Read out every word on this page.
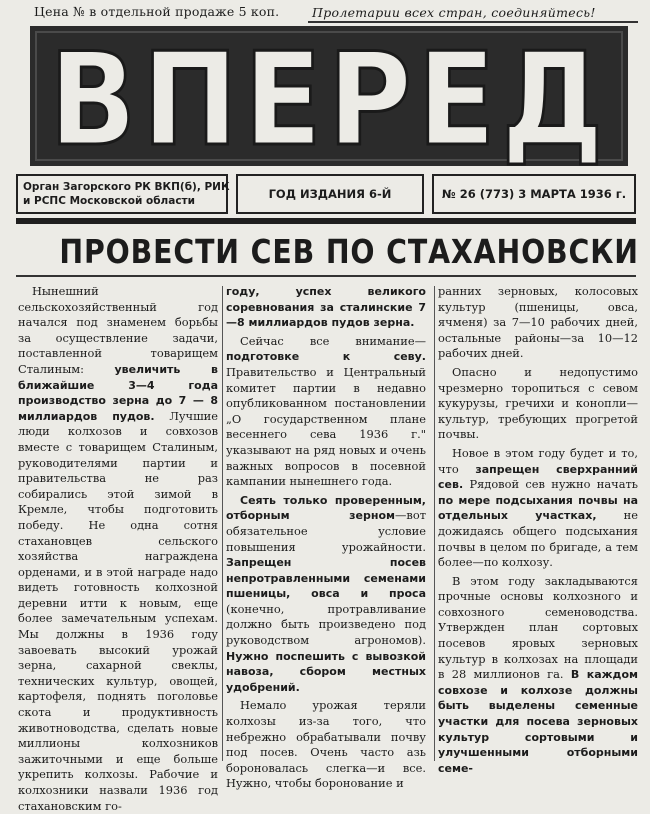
Цена № в отдельной продаже 5 коп.	Пролетарии всех стран, соединяйтесь!
ВПЕРЕД
Орган Загорского РК ВКП(б), РИК
и РСПС Московской области	ГОД ИЗДАНИЯ 6-Й	№ 26 (773) 3 МАРТА 1936 г.
ПРОВЕСТИ СЕВ ПО СТАХАНОВСКИ

Нынешний сельскохозяйственный год начался под знаменем борьбы за осуществление задачи, поставленной товарищем Сталиным: увеличить в ближайшие 3—4 года производство зерна до 7 — 8 миллиардов пудов. Лучшие люди колхозов и совхозов вместе с товарищем Сталиным, руководителями партии и правительства не раз собирались этой зимой в Кремле, чтобы подготовить победу. Не одна сотня стахановцев сельского хозяйства награждена орденами, и в этой награде надо видеть готовность колхозной деревни итти к новым, еще более замечательным успехам. Мы должны в 1936 году завоевать высокий урожай зерна, сахарной свеклы, технических культур, овощей, картофеля, поднять поголовье скота и продуктивность животноводства, сделать новые миллионы колхозников зажиточными и еще больше укрепить колхозы. Рабочие и колхозники назвали 1936 год стахановским го-

году, успех великого соревнования за сталинские 7—8 миллиардов пудов зерна.

Сейчас все внимание—подготовке к севу. Правительство и Центральный комитет партии в недавно опубликованном постановлении „О государственном плане весеннего сева 1936 г." указывают на ряд новых и очень важных вопросов в посевной кампании нынешнего года.

Сеять только проверенным, отборным зерном—вот обязательное условие повышения урожайности. Запрещен посев непротравленными семенами пшеницы, овса и проса (конечно, протравливание должно быть произведено под руководством агрономов). Нужно поспешить с вывозкой навоза, сбором местных удобрений.

Немало урожая теряли колхозы из-за того, что небрежно обрабатывали почву под посев. Очень часто азь бороновалась слегка—и все. Нужно, чтобы боронование и

ранних зерновых, колосовых культур (пшеницы, овса, ячменя) за 7—10 рабочих дней, остальные районы—за 10—12 рабочих дней.

Опасно и недопустимо чрезмерно торопиться с севом кукурузы, гречихи и конопли—культур, требующих прогретой почвы.

Новое в этом году будет и то, что запрещен сверхранний сев. Рядовой сев нужно начать по мере подсыхания почвы на отдельных участках, не дожидаясь общего подсыхания почвы в целом по бригаде, а тем более—по колхозу.

В этом году закладываются прочные основы колхозного и совхозного семеноводства. Утвержден план сортовых посевов яровых зерновых культур в колхозах на площади в 28 миллионов га. В каждом совхозе и колхозе должны быть выделены семенные участки для посева зерновых культур сортовыми и улучшенными отборными семе-
